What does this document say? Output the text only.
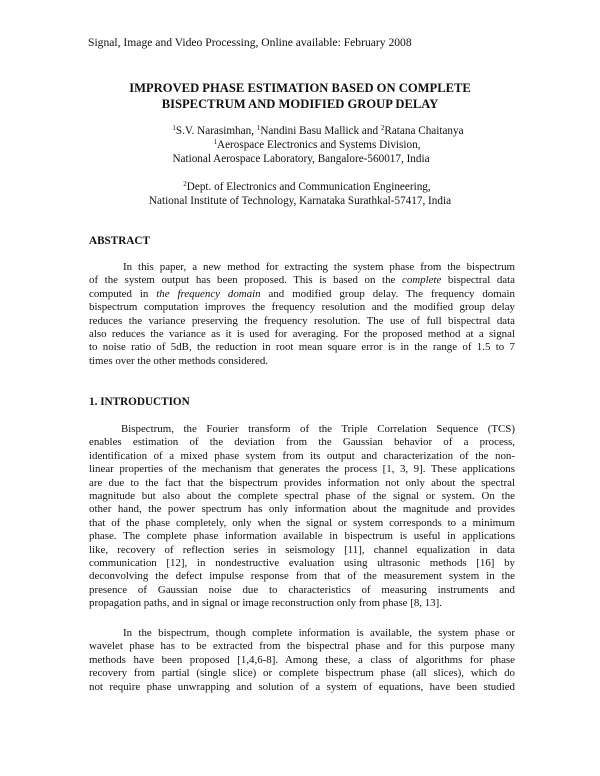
Signal, Image and Video Processing, Online available: February 2008
IMPROVED PHASE ESTIMATION BASED ON COMPLETE
BISPECTRUM AND MODIFIED GROUP DELAY
$^1$S.V. Narasimhan, $^1$Nandini Basu Mallick and $^2$Ratana Chaitanya
$^1$Aerospace Electronics and Systems Division,
National Aerospace Laboratory, Bangalore-560017, India
$^2$Dept. of Electronics and Communication Engineering,
National Institute of Technology, Karnataka Surathkal-57417, India
ABSTRACT
In this paper, a new method for extracting the system phase from the bispectrum
of the system output has been proposed. This is based on the complete bispectral data
computed in the frequency domain and modified group delay. The frequency domain
bispectrum computation improves the frequency resolution and the modified group delay
reduces the variance preserving the frequency resolution. The use of full bispectral data
also reduces the variance as it is used for averaging. For the proposed method at a signal
to noise ratio of 5dB, the reduction in root mean square error is in the range of 1.5 to 7
times over the other methods considered.
1. INTRODUCTION
Bispectrum, the Fourier transform of the Triple Correlation Sequence (TCS)
enables estimation of the deviation from the Gaussian behavior of a process,
identification of a mixed phase system from its output and characterization of the non-
linear properties of the mechanism that generates the process [1, 3, 9]. These applications
are due to the fact that the bispectrum provides information not only about the spectral
magnitude but also about the complete spectral phase of the signal or system. On the
other hand, the power spectrum has only information about the magnitude and provides
that of the phase completely, only when the signal or system corresponds to a minimum
phase. The complete phase information available in bispectrum is useful in applications
like, recovery of reflection series in seismology [11], channel equalization in data
communication [12], in nondestructive evaluation using ultrasonic methods [16] by
deconvolving the defect impulse response from that of the measurement system in the
presence of Gaussian noise due to characteristics of measuring instruments and
propagation paths, and in signal or image reconstruction only from phase [8, 13].
In the bispectrum, though complete information is available, the system phase or
wavelet phase has to be extracted from the bispectral phase and for this purpose many
methods have been proposed [1,4,6-8]. Among these, a class of algorithms for phase
recovery from partial (single slice) or complete bispectrum phase (all slices), which do
not require phase unwrapping and solution of a system of equations, have been studied
